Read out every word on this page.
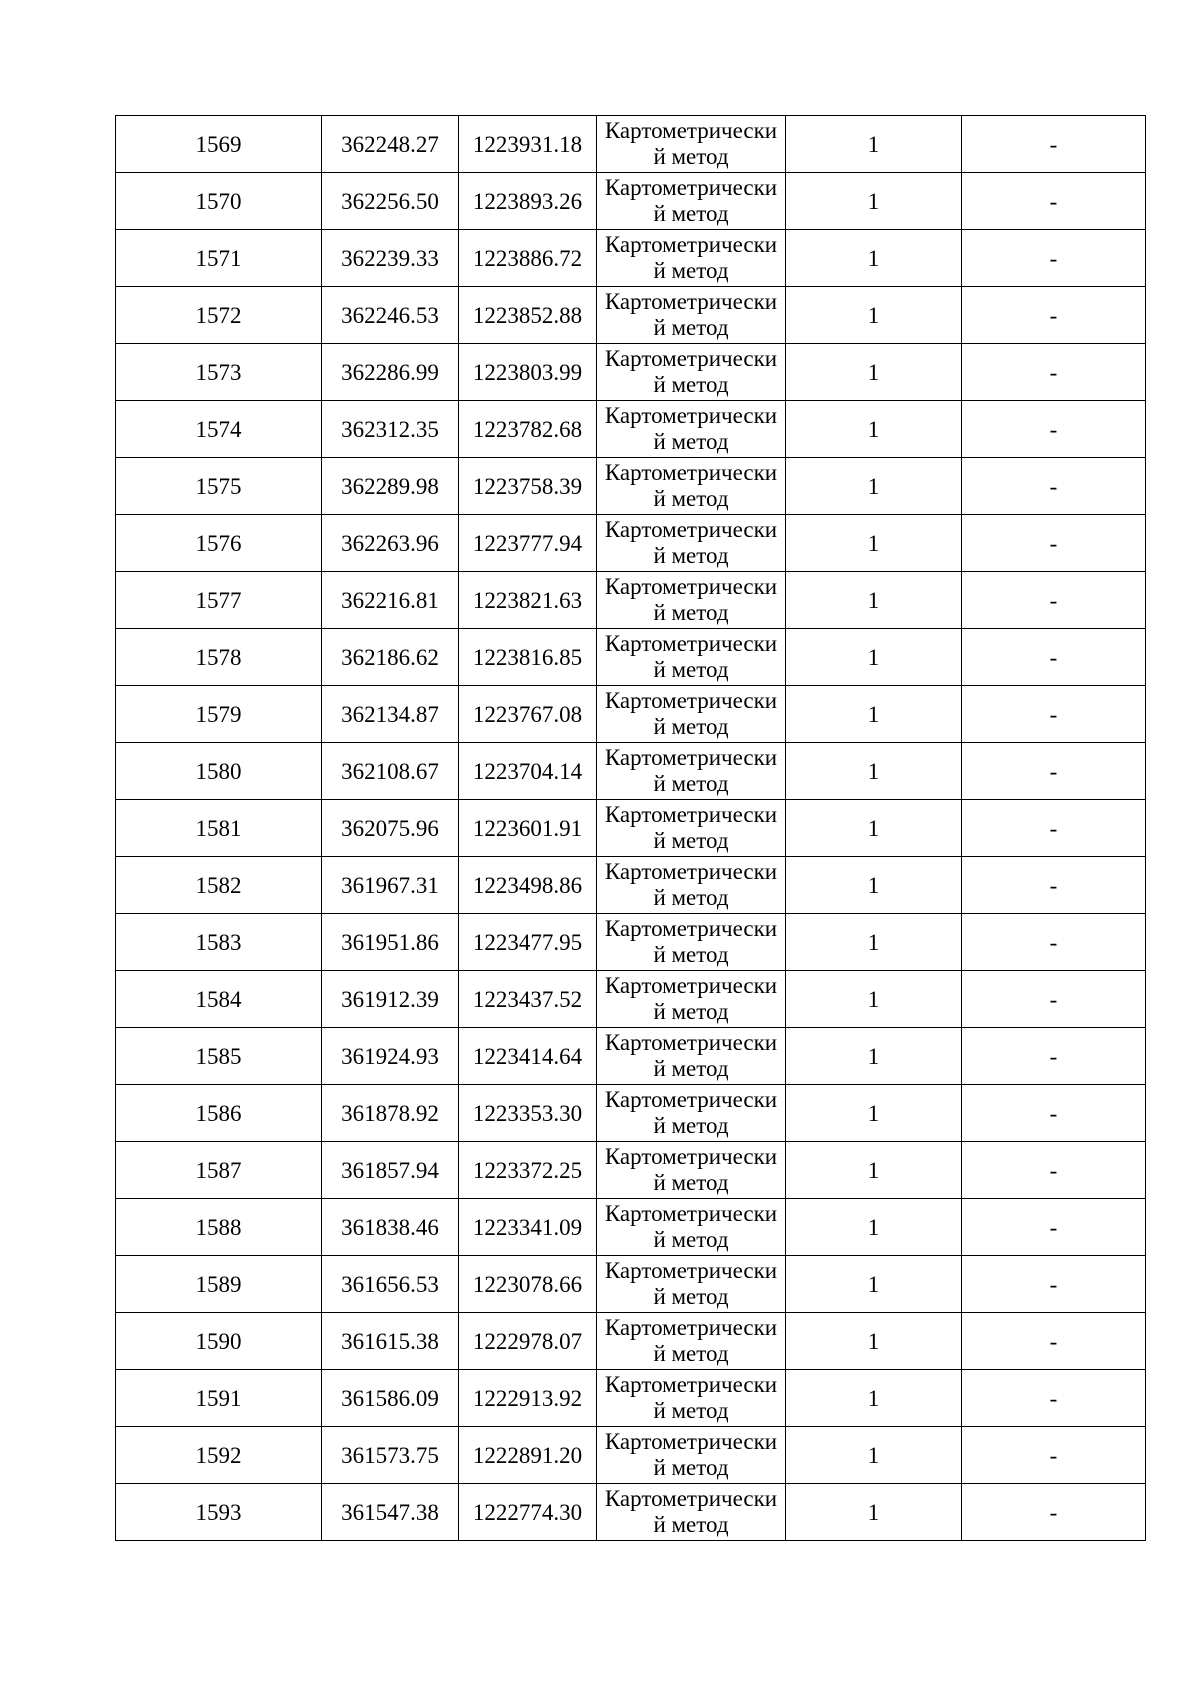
1569	362248.27	1223931.18	Картометрически
й метод	1	-
1570	362256.50	1223893.26	Картометрически
й метод	1	-
1571	362239.33	1223886.72	Картометрически
й метод	1	-
1572	362246.53	1223852.88	Картометрически
й метод	1	-
1573	362286.99	1223803.99	Картометрически
й метод	1	-
1574	362312.35	1223782.68	Картометрически
й метод	1	-
1575	362289.98	1223758.39	Картометрически
й метод	1	-
1576	362263.96	1223777.94	Картометрически
й метод	1	-
1577	362216.81	1223821.63	Картометрически
й метод	1	-
1578	362186.62	1223816.85	Картометрически
й метод	1	-
1579	362134.87	1223767.08	Картометрически
й метод	1	-
1580	362108.67	1223704.14	Картометрически
й метод	1	-
1581	362075.96	1223601.91	Картометрически
й метод	1	-
1582	361967.31	1223498.86	Картометрически
й метод	1	-
1583	361951.86	1223477.95	Картометрически
й метод	1	-
1584	361912.39	1223437.52	Картометрически
й метод	1	-
1585	361924.93	1223414.64	Картометрически
й метод	1	-
1586	361878.92	1223353.30	Картометрически
й метод	1	-
1587	361857.94	1223372.25	Картометрически
й метод	1	-
1588	361838.46	1223341.09	Картометрически
й метод	1	-
1589	361656.53	1223078.66	Картометрически
й метод	1	-
1590	361615.38	1222978.07	Картометрически
й метод	1	-
1591	361586.09	1222913.92	Картометрически
й метод	1	-
1592	361573.75	1222891.20	Картометрически
й метод	1	-
1593	361547.38	1222774.30	Картометрически
й метод	1	-
